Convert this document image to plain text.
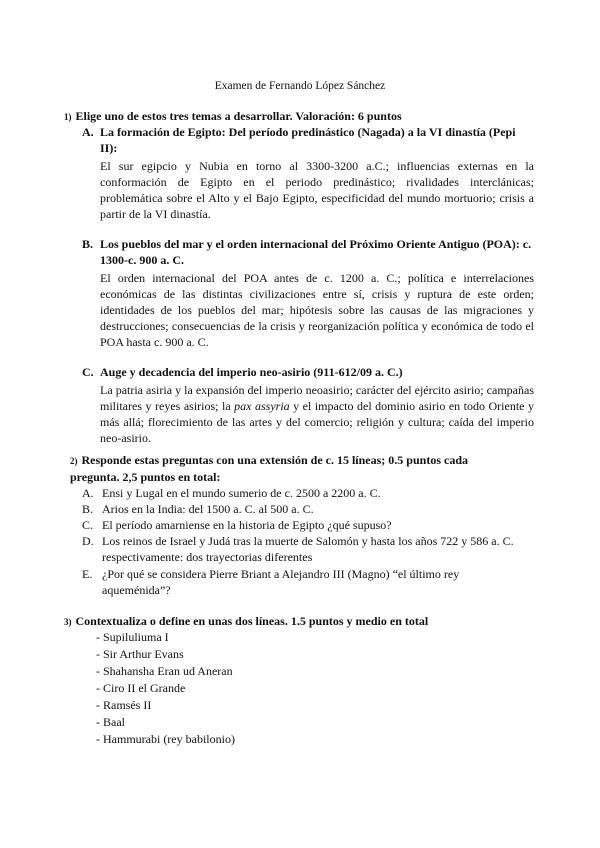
Examen de Fernando López Sánchez
1) Elige uno de estos tres temas a desarrollar. Valoración: 6 puntos
A. La formación de Egipto: Del período predinástico (Nagada) a la VI dinastía (Pepi II):
El sur egipcio y Nubia en torno al 3300-3200 a.C.; influencias externas en la conformación de Egipto en el periodo predinástico; rivalidades interclánicas; problemática sobre el Alto y el Bajo Egipto, especificidad del mundo mortuorio; crisis a partir de la VI dinastía.
B. Los pueblos del mar y el orden internacional del Próximo Oriente Antiguo (POA): c. 1300-c. 900 a. C.
El orden internacional del POA antes de c. 1200 a. C.; política e interrelaciones económicas de las distintas civilizaciones entre sí, crisis y ruptura de este orden; identidades de los pueblos del mar; hipótesis sobre las causas de las migraciones y destrucciones; consecuencias de la crisis y reorganización política y económica de todo el POA hasta c. 900 a. C.
C. Auge y decadencia del imperio neo-asirio (911-612/09 a. C.)
La patria asiria y la expansión del imperio neoasirio; carácter del ejército asirio; campañas militares y reyes asirios; la pax assyria y el impacto del dominio asirio en todo Oriente y más allá; florecimiento de las artes y del comercio; religión y cultura; caída del imperio neo-asirio.
2) Responde estas preguntas con una extensión de c. 15 líneas; 0.5 puntos cada pregunta. 2,5 puntos en total:
A. Ensi y Lugal en el mundo sumerio de c. 2500 a 2200 a. C.
B. Arios en la India: del 1500 a. C. al 500 a. C.
C. El período amarniense en la historia de Egipto ¿qué supuso?
D. Los reinos de Israel y Judá tras la muerte de Salomón y hasta los años 722 y 586 a. C. respectivamente: dos trayectorias diferentes
E. ¿Por qué se considera Pierre Briant a Alejandro III (Magno) “el último rey aqueménida”?
3) Contextualiza o define en unas dos líneas. 1.5 puntos y medio en total
- Supiluliuma I
- Sir Arthur Evans
- Shahansha Eran ud Aneran
- Ciro II el Grande
- Ramsés II
- Baal
- Hammurabi (rey babilonio)
